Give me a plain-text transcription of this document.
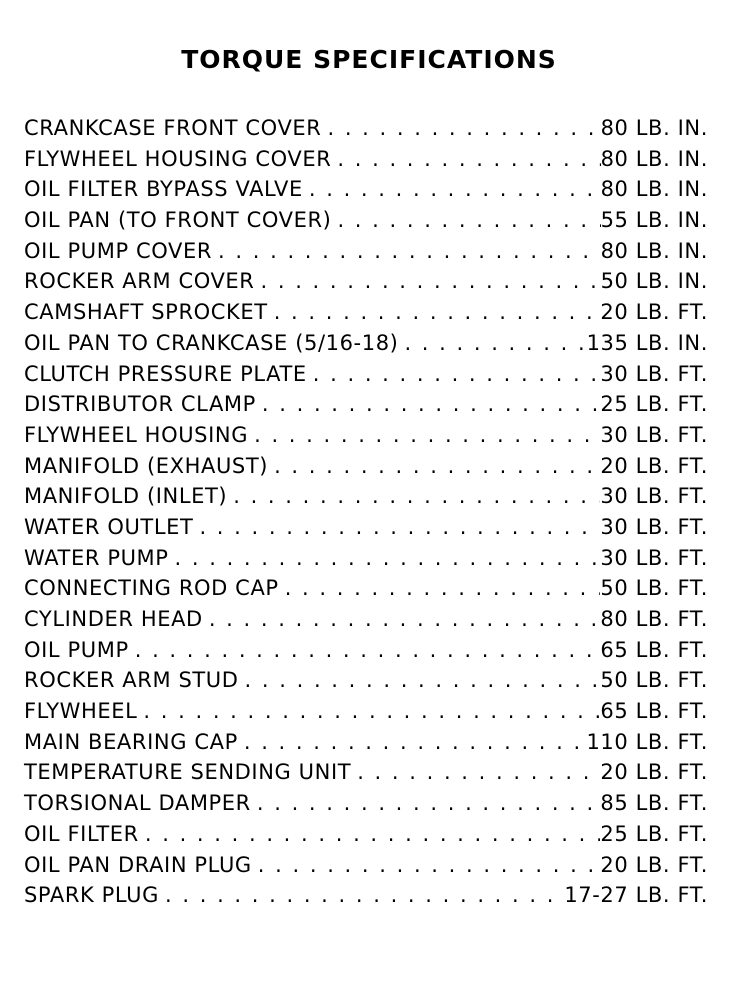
TORQUE SPECIFICATIONS
CRANKCASE FRONT COVER . . .	80 LB. IN.
FLYWHEEL HOUSING COVER . . .	80 LB. IN.
OIL FILTER BYPASS VALVE . . .	80 LB. IN.
OIL PAN (TO FRONT COVER) . . .	55 LB. IN.
OIL PUMP COVER . . .	80 LB. IN.
ROCKER ARM COVER . . .	50 LB. IN.
CAMSHAFT SPROCKET . . .	20 LB. FT.
OIL PAN TO CRANKCASE (5/16-18) . . .	135 LB. IN.
CLUTCH PRESSURE PLATE . . .	30 LB. FT.
DISTRIBUTOR CLAMP . . .	25 LB. FT.
FLYWHEEL HOUSING . . .	30 LB. FT.
MANIFOLD (EXHAUST) . . .	20 LB. FT.
MANIFOLD (INLET) . . .	30 LB. FT.
WATER OUTLET . . .	30 LB. FT.
WATER PUMP . . .	30 LB. FT.
CONNECTING ROD CAP . . .	50 LB. FT.
CYLINDER HEAD . . .	80 LB. FT.
OIL PUMP . . .	65 LB. FT.
ROCKER ARM STUD . . .	50 LB. FT.
FLYWHEEL . . .	65 LB. FT.
MAIN BEARING CAP . . .	110 LB. FT.
TEMPERATURE SENDING UNIT . . .	20 LB. FT.
TORSIONAL DAMPER . . .	85 LB. FT.
OIL FILTER . . .	25 LB. FT.
OIL PAN DRAIN PLUG . . .	20 LB. FT.
SPARK PLUG . . .	17-27 LB. FT.
